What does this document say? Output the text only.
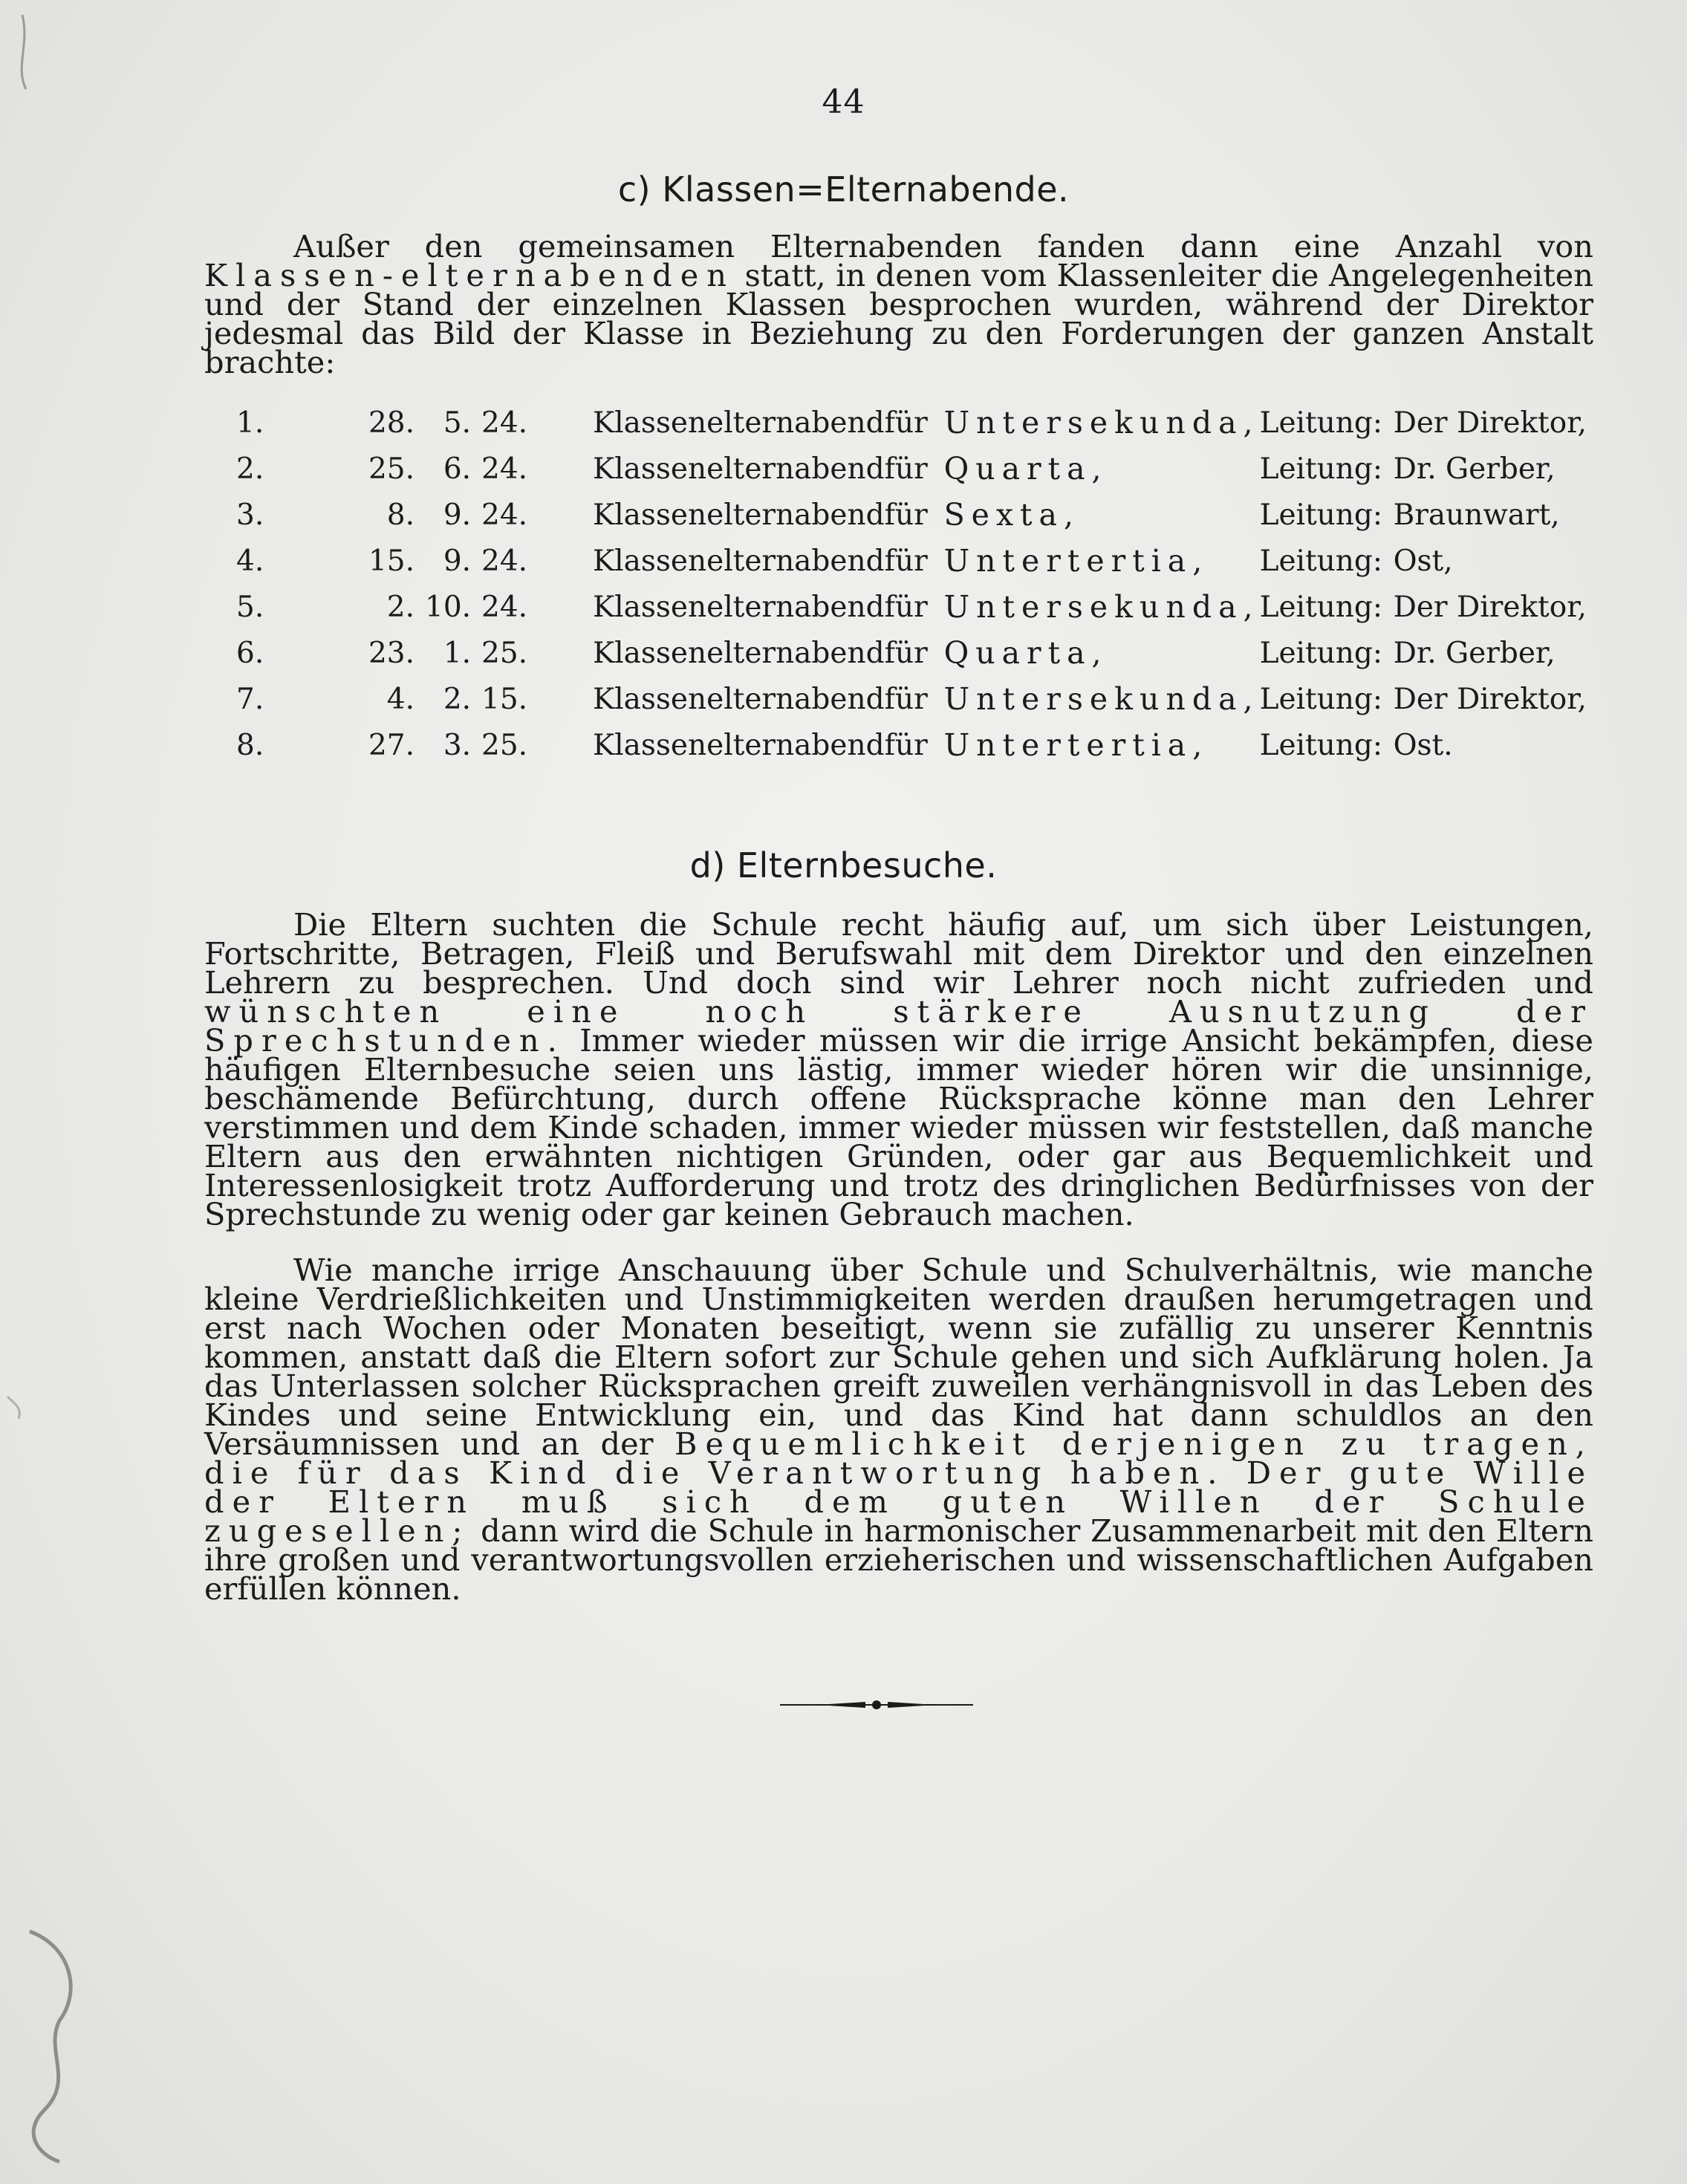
44
c) Klassen=Elternabende.
Außer den gemeinsamen Elternabenden fanden dann eine Anzahl von Klassen-elternabenden statt, in denen vom Klassenleiter die Angelegenheiten und der Stand der einzelnen Klassen besprochen wurden, während der Direktor jedesmal das Bild der Klasse in Beziehung zu den Forderungen der ganzen Anstalt brachte:
1.	28.	5.	24.	Klassenelternabend	für	Untersekunda,	Leitung:	Der Direktor,
2.	25.	6.	24.	Klassenelternabend	für	Quarta,	Leitung:	Dr. Gerber,
3.	8.	9.	24.	Klassenelternabend	für	Sexta,	Leitung:	Braunwart,
4.	15.	9.	24.	Klassenelternabend	für	Untertertia,	Leitung:	Ost,
5.	2.	10.	24.	Klassenelternabend	für	Untersekunda,	Leitung:	Der Direktor,
6.	23.	1.	25.	Klassenelternabend	für	Quarta,	Leitung:	Dr. Gerber,
7.	4.	2.	15.	Klassenelternabend	für	Untersekunda,	Leitung:	Der Direktor,
8.	27.	3.	25.	Klassenelternabend	für	Untertertia,	Leitung:	Ost.
d) Elternbesuche.
Die Eltern suchten die Schule recht häufig auf, um sich über Leistungen, Fortschritte, Betragen, Fleiß und Berufswahl mit dem Direktor und den einzelnen Lehrern zu besprechen. Und doch sind wir Lehrer noch nicht zufrieden und wünschten eine noch stärkere Ausnutzung der Sprechstunden. Immer wieder müssen wir die irrige Ansicht bekämpfen, diese häufigen Elternbesuche seien uns lästig, immer wieder hören wir die unsinnige, beschämende Befürchtung, durch offene Rücksprache könne man den Lehrer verstimmen und dem Kinde schaden, immer wieder müssen wir feststellen, daß manche Eltern aus den erwähnten nichtigen Gründen, oder gar aus Bequemlichkeit und Interessenlosigkeit trotz Aufforderung und trotz des dringlichen Bedürfnisses von der Sprechstunde zu wenig oder gar keinen Gebrauch machen.
Wie manche irrige Anschauung über Schule und Schulverhältnis, wie manche kleine Verdrießlichkeiten und Unstimmigkeiten werden draußen herumgetragen und erst nach Wochen oder Monaten beseitigt, wenn sie zufällig zu unserer Kenntnis kommen, anstatt daß die Eltern sofort zur Schule gehen und sich Aufklärung holen. Ja das Unterlassen solcher Rücksprachen greift zuweilen verhängnisvoll in das Leben des Kindes und seine Entwicklung ein, und das Kind hat dann schuldlos an den Versäumnissen und an der Bequemlichkeit derjenigen zu tragen, die für das Kind die Verantwortung haben. Der gute Wille der Eltern muß sich dem guten Willen der Schule zugesellen; dann wird die Schule in harmonischer Zusammenarbeit mit den Eltern ihre großen und verantwortungsvollen erzieherischen und wissenschaftlichen Aufgaben erfüllen können.
